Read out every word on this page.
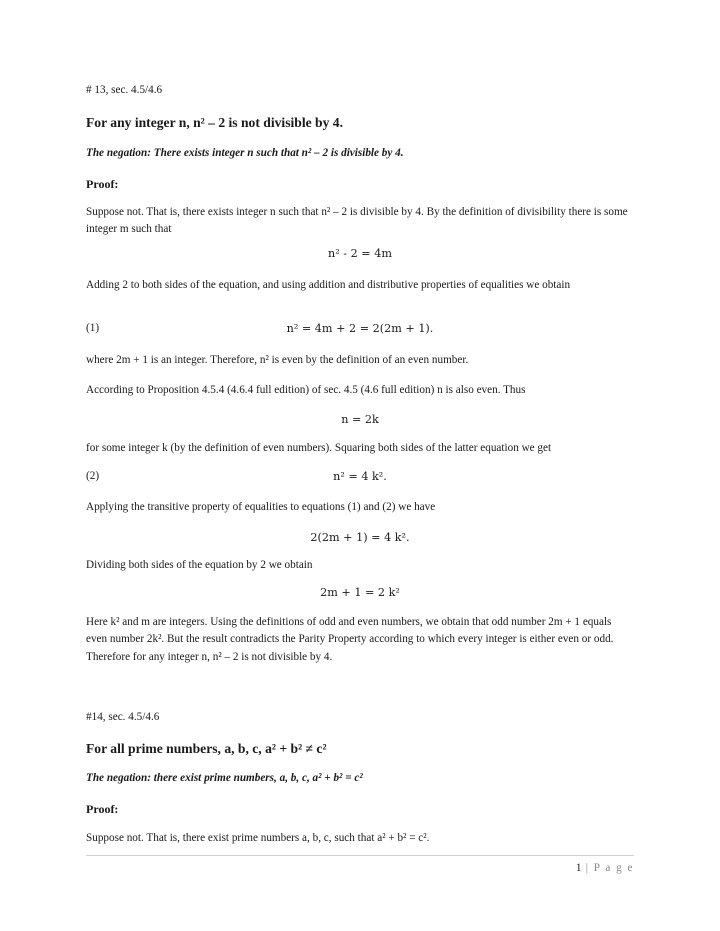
# 13, sec. 4.5/4.6
For any integer n, n² – 2 is not divisible by 4.
The negation: There exists integer n such that n² – 2 is divisible by 4.
Proof:
Suppose not. That is, there exists integer n such that n² – 2 is divisible by 4. By the definition of divisibility there is some integer m such that
n² - 2 = 4m
Adding 2 to both sides of the equation, and using addition and distributive properties of equalities we obtain
(1)	n² = 4m + 2 = 2(2m + 1).
where 2m + 1 is an integer. Therefore, n² is even by the definition of an even number.
According to Proposition 4.5.4 (4.6.4 full edition) of sec. 4.5 (4.6 full edition) n is also even. Thus
n = 2k
for some integer k (by the definition of even numbers). Squaring both sides of the latter equation we get
(2)	n² = 4 k².
Applying the transitive property of equalities to equations (1) and (2) we have
2(2m + 1) = 4 k².
Dividing both sides of the equation by 2 we obtain
2m + 1 = 2 k²
Here k² and m are integers. Using the definitions of odd and even numbers, we obtain that odd number 2m + 1 equals even number 2k². But the result contradicts the Parity Property according to which every integer is either even or odd. Therefore for any integer n, n² – 2 is not divisible by 4.
#14, sec. 4.5/4.6
For all prime numbers, a, b, c, a² + b² ≠ c²
The negation: there exist prime numbers, a, b, c, a² + b² = c²
Proof:
Suppose not. That is, there exist prime numbers a, b, c, such that a² + b² = c².
1 | P a g e
